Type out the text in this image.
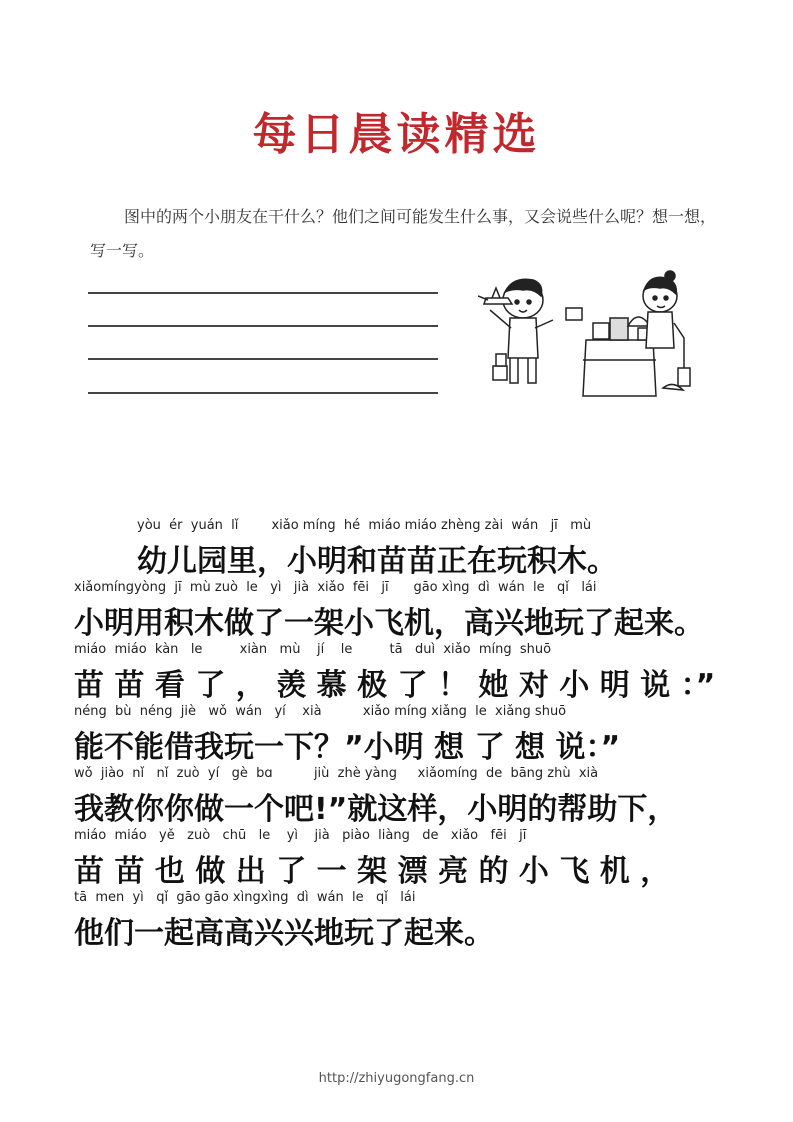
每日晨读精选
图中的两个小朋友在干什么？他们之间可能发生什么事，又会说些什么呢？想一想，写一写。
yòu  ér  yuán  lǐ        xiǎo míng  hé  miáo miáo zhèng zài  wán   jī   mù
幼儿园里，小明和苗苗正在玩积木。
xiǎomíngyòng  jī  mù zuò  le   yì   jià  xiǎo  fēi   jī      gāo xìng  dì  wán  le   qǐ   lái
小明用积木做了一架小飞机，高兴地玩了起来。
miáo  miáo  kàn   le         xiàn   mù    jí    le         tā   duì  xiǎo  míng  shuō
苗 苗 看 了 ， 羡 慕 极 了 ！ 她 对 小 明 说 ：”
néng  bù  néng  jiè   wǒ  wán   yí    xià          xiǎo míng xiǎng  le  xiǎng shuō
能不能借我玩一下？”小明 想 了 想 说：”
wǒ  jiào  nǐ   nǐ  zuò  yí   gè  bɑ          jiù  zhè yàng     xiǎomíng  de  bāng zhù  xià
我教你你做一个吧!”就这样，小明的帮助下，
miáo  miáo   yě   zuò   chū   le    yì    jià   piào  liàng   de   xiǎo   fēi   jī
苗 苗 也 做 出 了 一 架 漂 亮 的 小 飞 机 ，
tā  men  yì   qǐ  gāo gāo xìngxìng  dì  wán  le   qǐ   lái
他们一起高高兴兴地玩了起来。
http://zhiyugongfang.cn
